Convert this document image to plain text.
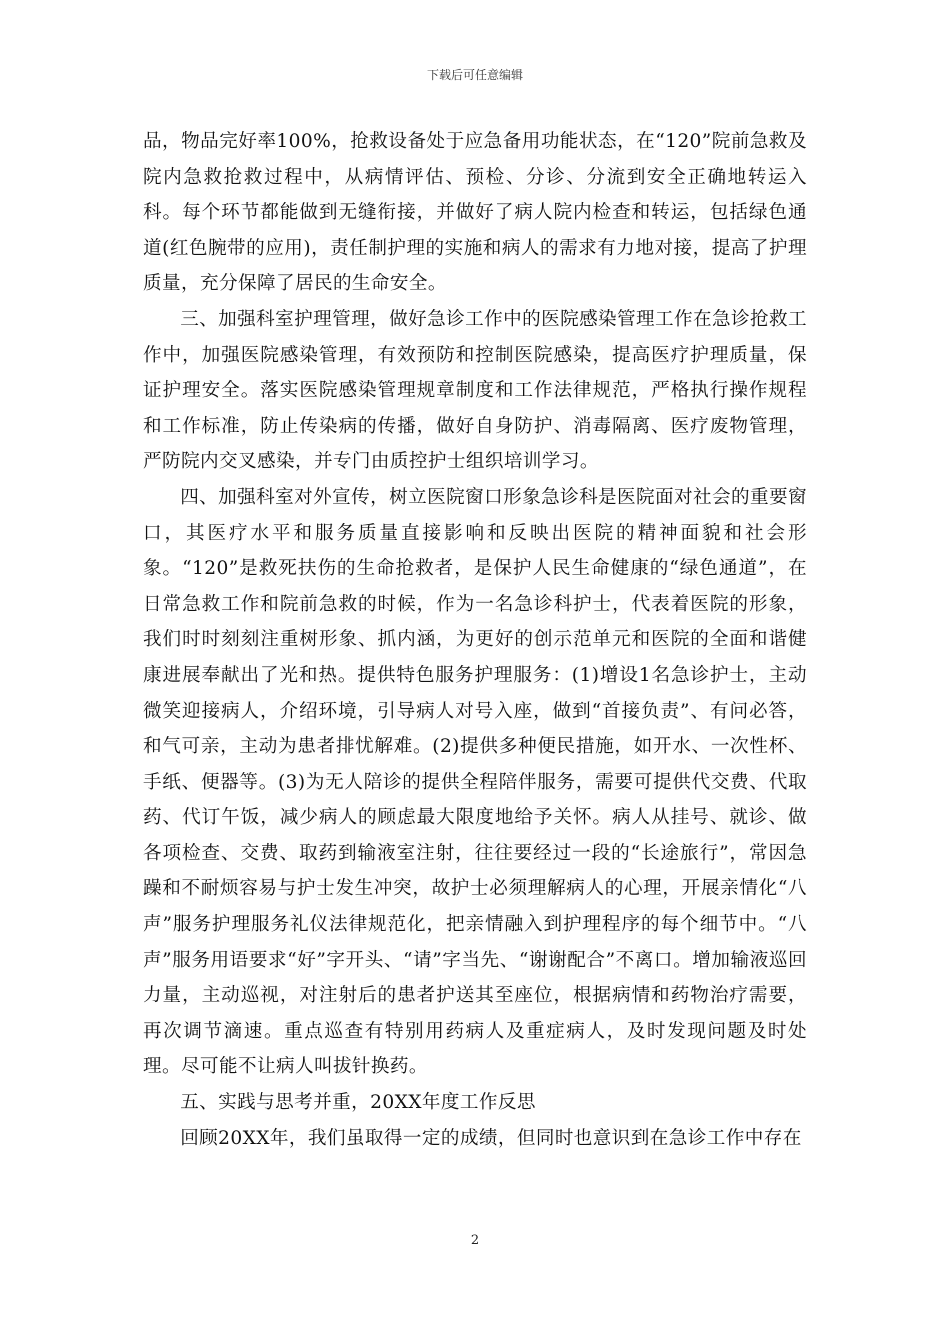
下载后可任意编辑

品，物品完好率100%，抢救设备处于应急备用功能状态，在“120”院前急救及院内急救抢救过程中，从病情评估、预检、分诊、分流到安全正确地转运入科。每个环节都能做到无缝衔接，并做好了病人院内检查和转运，包括绿色通道(红色腕带的应用)，责任制护理的实施和病人的需求有力地对接，提高了护理质量，充分保障了居民的生命安全。

三、加强科室护理管理，做好急诊工作中的医院感染管理工作在急诊抢救工作中，加强医院感染管理，有效预防和控制医院感染，提高医疗护理质量，保证护理安全。落实医院感染管理规章制度和工作法律规范，严格执行操作规程和工作标准，防止传染病的传播，做好自身防护、消毒隔离、医疗废物管理，严防院内交叉感染，并专门由质控护士组织培训学习。

四、加强科室对外宣传，树立医院窗口形象急诊科是医院面对社会的重要窗口，其医疗水平和服务质量直接影响和反映出医院的精神面貌和社会形象。“120”是救死扶伤的生命抢救者，是保护人民生命健康的“绿色通道”，在日常急救工作和院前急救的时候，作为一名急诊科护士，代表着医院的形象，我们时时刻刻注重树形象、抓内涵，为更好的创示范单元和医院的全面和谐健康进展奉献出了光和热。提供特色服务护理服务：(1)增设1名急诊护士，主动微笑迎接病人，介绍环境，引导病人对号入座，做到“首接负责”、有问必答，和气可亲，主动为患者排忧解难。(2)提供多种便民措施，如开水、一次性杯、手纸、便器等。(3)为无人陪诊的提供全程陪伴服务，需要可提供代交费、代取药、代订午饭，减少病人的顾虑最大限度地给予关怀。病人从挂号、就诊、做各项检查、交费、取药到输液室注射，往往要经过一段的“长途旅行”，常因急躁和不耐烦容易与护士发生冲突，故护士必须理解病人的心理，开展亲情化“八声”服务护理服务礼仪法律规范化，把亲情融入到护理程序的每个细节中。“八声”服务用语要求“好”字开头、“请”字当先、“谢谢配合”不离口。增加输液巡回力量，主动巡视，对注射后的患者护送其至座位，根据病情和药物治疗需要，再次调节滴速。重点巡查有特别用药病人及重症病人，及时发现问题及时处理。尽可能不让病人叫拔针换药。

五、实践与思考并重，20XX年度工作反思

回顾20XX年，我们虽取得一定的成绩，但同时也意识到在急诊工作中存在

2
